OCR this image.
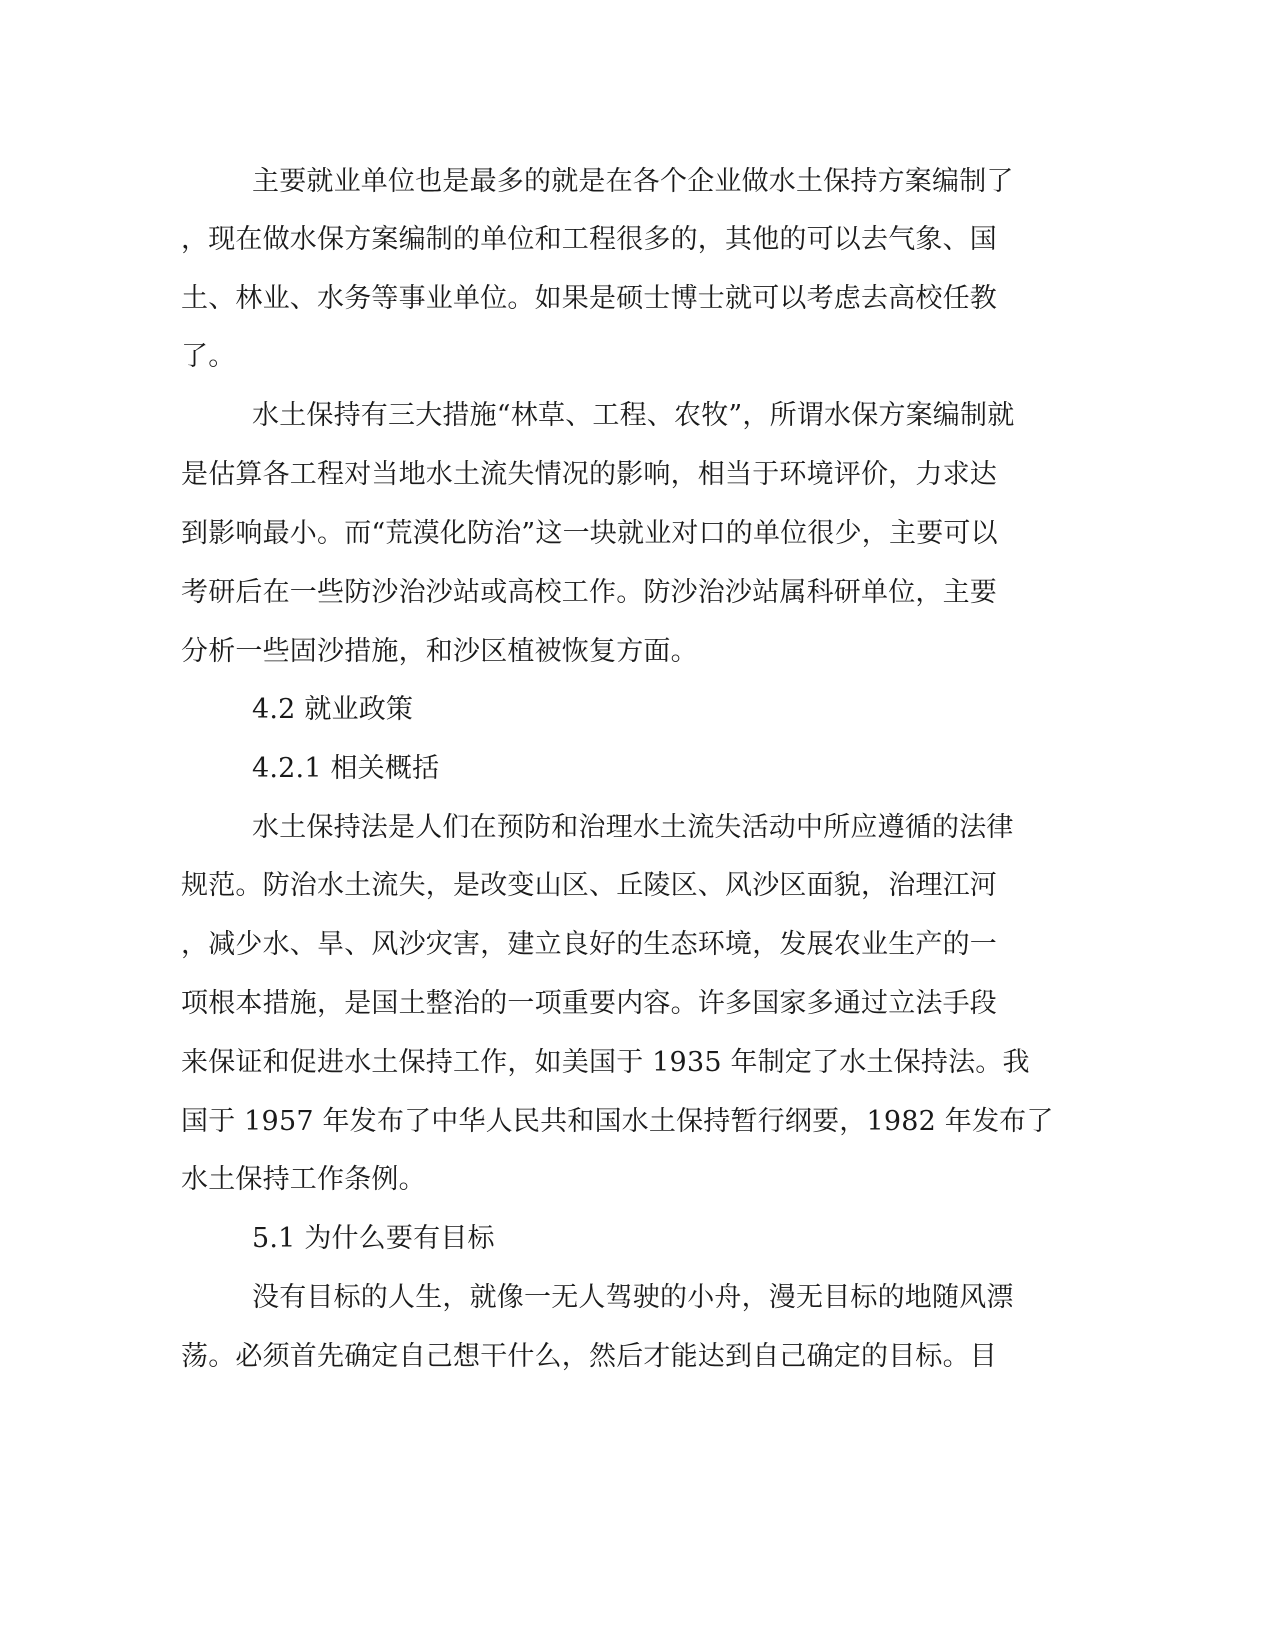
主要就业单位也是最多的就是在各个企业做水土保持方案编制了
，现在做水保方案编制的单位和工程很多的，其他的可以去气象、国
土、林业、水务等事业单位。如果是硕士博士就可以考虑去高校任教
了。
水土保持有三大措施“林草、工程、农牧”，所谓水保方案编制就
是估算各工程对当地水土流失情况的影响，相当于环境评价，力求达
到影响最小。而“荒漠化防治”这一块就业对口的单位很少，主要可以
考研后在一些防沙治沙站或高校工作。防沙治沙站属科研单位，主要
分析一些固沙措施，和沙区植被恢复方面。
4.2 就业政策
4.2.1 相关概括
水土保持法是人们在预防和治理水土流失活动中所应遵循的法律
规范。防治水土流失，是改变山区、丘陵区、风沙区面貌，治理江河
，减少水、旱、风沙灾害，建立良好的生态环境，发展农业生产的一
项根本措施，是国土整治的一项重要内容。许多国家多通过立法手段
来保证和促进水土保持工作，如美国于 1935 年制定了水土保持法。我
国于 1957 年发布了中华人民共和国水土保持暂行纲要，1982 年发布了
水土保持工作条例。
5.1 为什么要有目标
没有目标的人生，就像一无人驾驶的小舟，漫无目标的地随风漂
荡。必须首先确定自己想干什么，然后才能达到自己确定的目标。目
